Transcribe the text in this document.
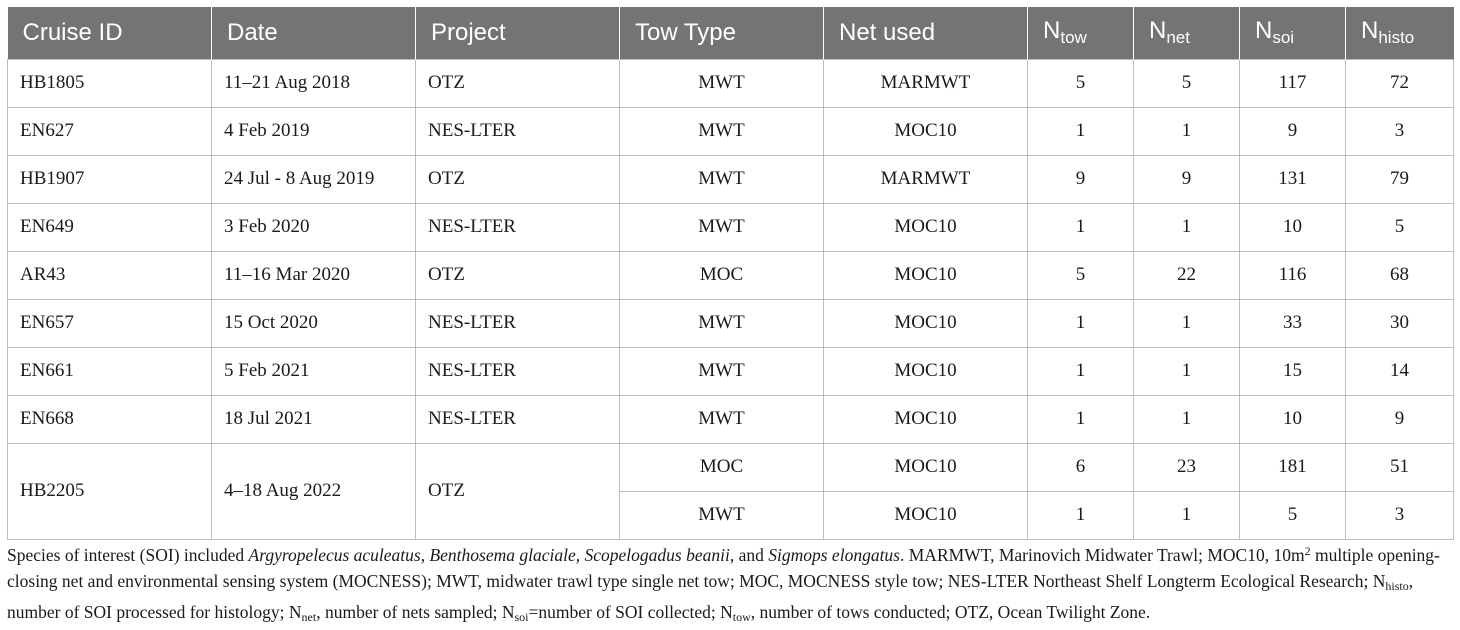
Cruise ID	Date	Project	Tow Type	Net used	$N_{tow}$	$N_{net}$	$N_{soi}$	$N_{histo}$
HB1805	11–21 Aug 2018	OTZ	MWT	MARMWT	5	5	117	72
EN627	4 Feb 2019	NES-LTER	MWT	MOC10	1	1	9	3
HB1907	24 Jul - 8 Aug 2019	OTZ	MWT	MARMWT	9	9	131	79
EN649	3 Feb 2020	NES-LTER	MWT	MOC10	1	1	10	5
AR43	11–16 Mar 2020	OTZ	MOC	MOC10	5	22	116	68
EN657	15 Oct 2020	NES-LTER	MWT	MOC10	1	1	33	30
EN661	5 Feb 2021	NES-LTER	MWT	MOC10	1	1	15	14
EN668	18 Jul 2021	NES-LTER	MWT	MOC10	1	1	10	9
HB2205	4–18 Aug 2022	OTZ	MOC	MOC10	6	23	181	51
			MWT	MOC10	1	1	5	3

Species of interest (SOI) included Argyropelecus aculeatus, Benthosema glaciale, Scopelogadus beanii, and Sigmops elongatus. MARMWT, Marinovich Midwater Trawl; MOC10, $10m^2$ multiple opening-closing net and environmental sensing system (MOCNESS); MWT, midwater trawl type single net tow; MOC, MOCNESS style tow; NES-LTER Northeast Shelf Longterm Ecological Research; $N_{histo}$, number of SOI processed for histology; $N_{net}$, number of nets sampled; $N_{soi}=number$ of SOI collected; $N_{tow}$, number of tows conducted; OTZ, Ocean Twilight Zone.
